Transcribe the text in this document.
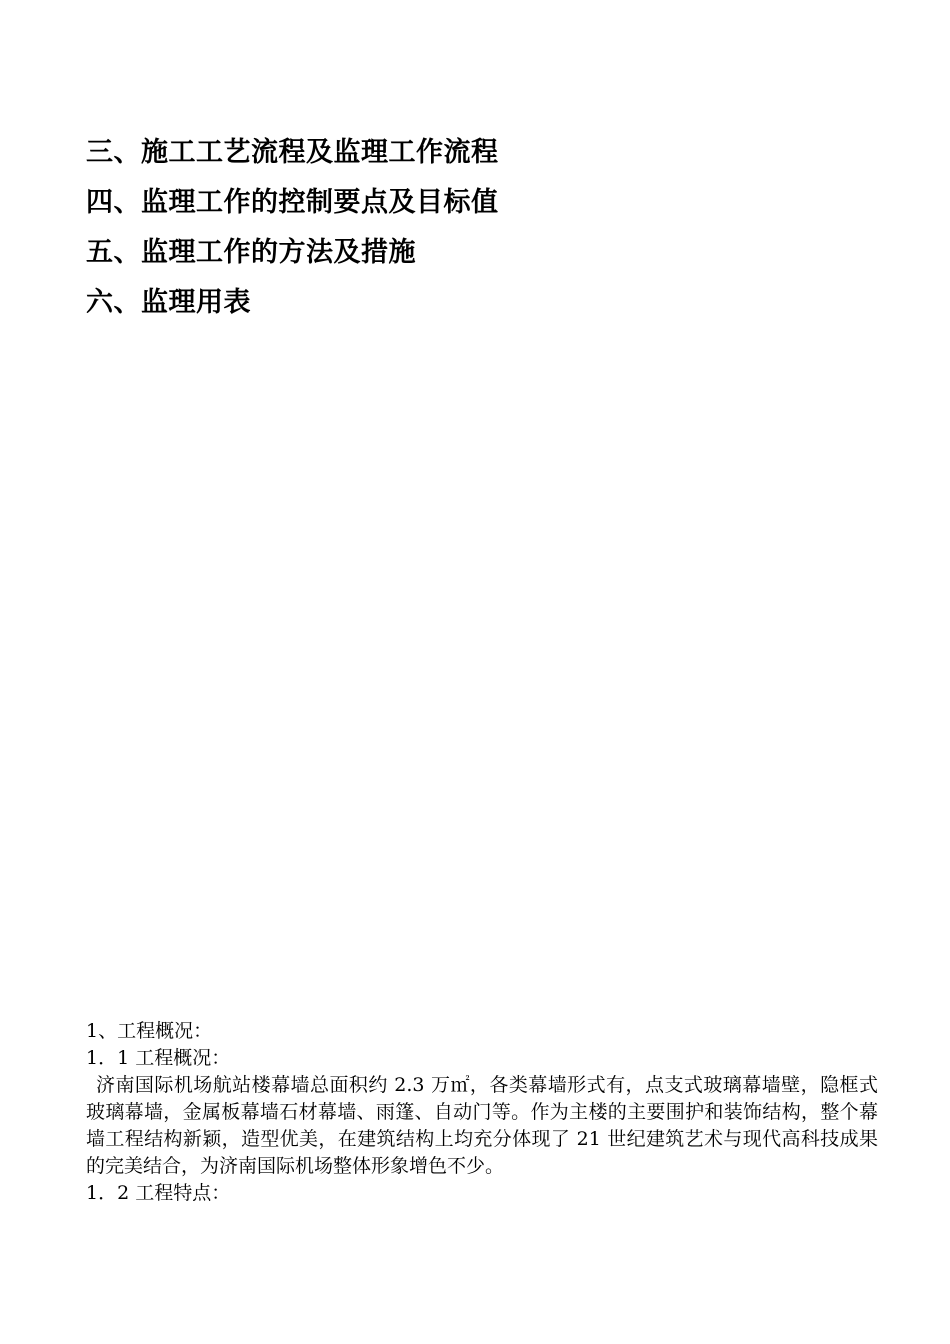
三、施工工艺流程及监理工作流程
四、监理工作的控制要点及目标值
五、监理工作的方法及措施
六、监理用表

1、工程概况：

1．1 工程概况：

济南国际机场航站楼幕墙总面积约 2.3 万㎡，各类幕墙形式有，点支式玻璃幕墙壁，隐框式玻璃幕墙，金属板幕墙石材幕墙、雨篷、自动门等。作为主楼的主要围护和装饰结构，整个幕墙工程结构新颖，造型优美，在建筑结构上均充分体现了 21 世纪建筑艺术与现代高科技成果的完美结合，为济南国际机场整体形象增色不少。

1．2 工程特点：
